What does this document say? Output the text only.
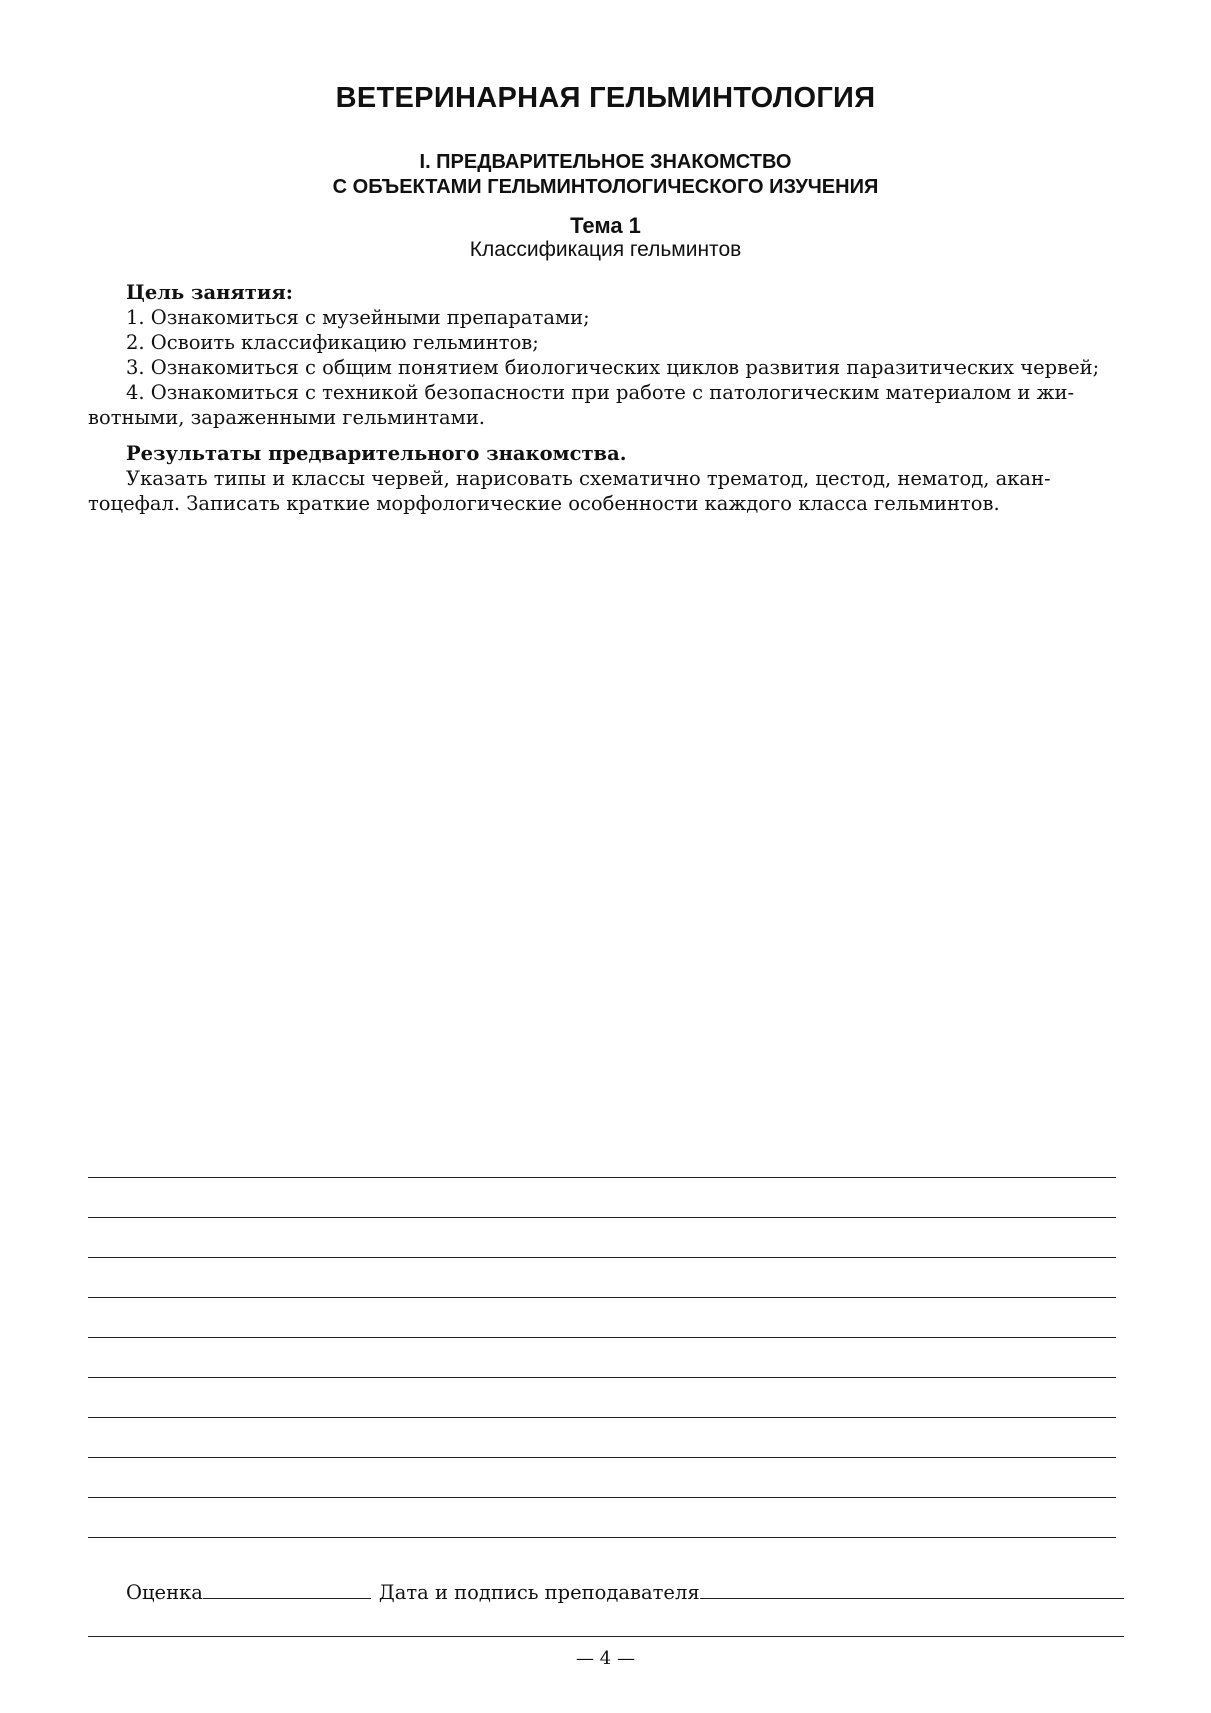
ВЕТЕРИНАРНАЯ ГЕЛЬМИНТОЛОГИЯ
I. ПРЕДВАРИТЕЛЬНОЕ ЗНАКОМСТВО
С ОБЪЕКТАМИ ГЕЛЬМИНТОЛОГИЧЕСКОГО ИЗУЧЕНИЯ
Тема 1
Классификация гельминтов
Цель занятия:
1. Ознакомиться с музейными препаратами;
2. Освоить классификацию гельминтов;
3. Ознакомиться с общим понятием биологических циклов развития паразитических червей;
4. Ознакомиться с техникой безопасности при работе с патологическим материалом и жи-
вотными, зараженными гельминтами.
Результаты предварительного знакомства.
Указать типы и классы червей, нарисовать схематично трематод, цестод, нематод, акан-
тоцефал. Записать краткие морфологические особенности каждого класса гельминтов.
Оценка	Дата и подпись преподавателя
— 4 —
